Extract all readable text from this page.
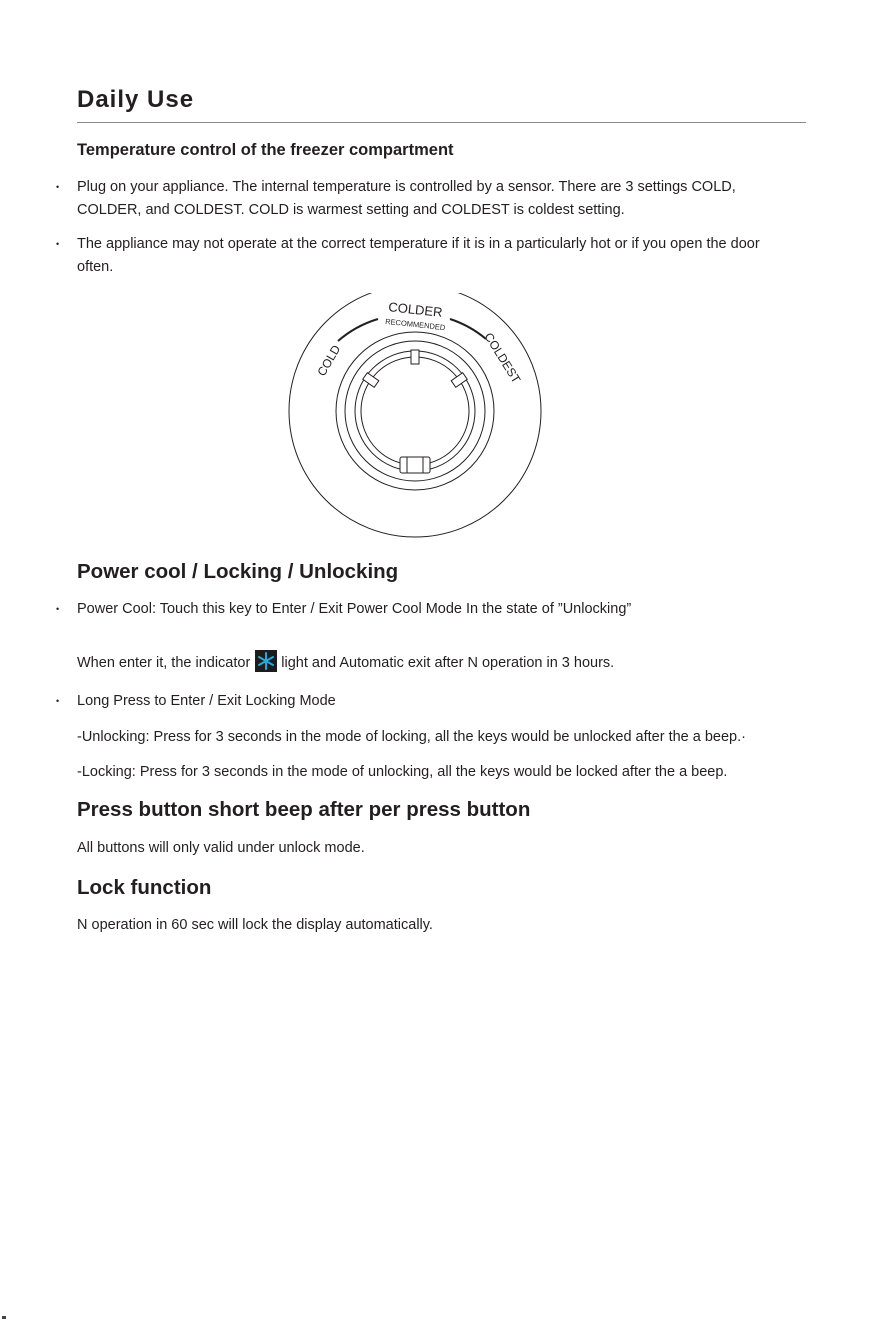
Daily Use
Temperature control of the freezer compartment
• Plug on your appliance. The internal temperature is controlled by a sensor. There are 3 settings COLD,
COLDER, and COLDEST. COLD is warmest setting and COLDEST is coldest setting.
• The appliance may not operate at the correct temperature if it is in a particularly hot or if you open the door
often.
COLD
COLDER
RECOMMENDED
COLDEST
Power cool / Locking / Unlocking
• Power Cool: Touch this key to Enter / Exit Power Cool Mode In the state of ”Unlocking”
When enter it, the indicator light and Automatic exit after N operation in 3 hours.
• Long Press to Enter / Exit Locking Mode
-Unlocking: Press for 3 seconds in the mode of locking, all the keys would be unlocked after the a beep.·
-Locking: Press for 3 seconds in the mode of unlocking, all the keys would be locked after the a beep.
Press button short beep after per press button
All buttons will only valid under unlock mode.
Lock function
N operation in 60 sec will lock the display automatically.
